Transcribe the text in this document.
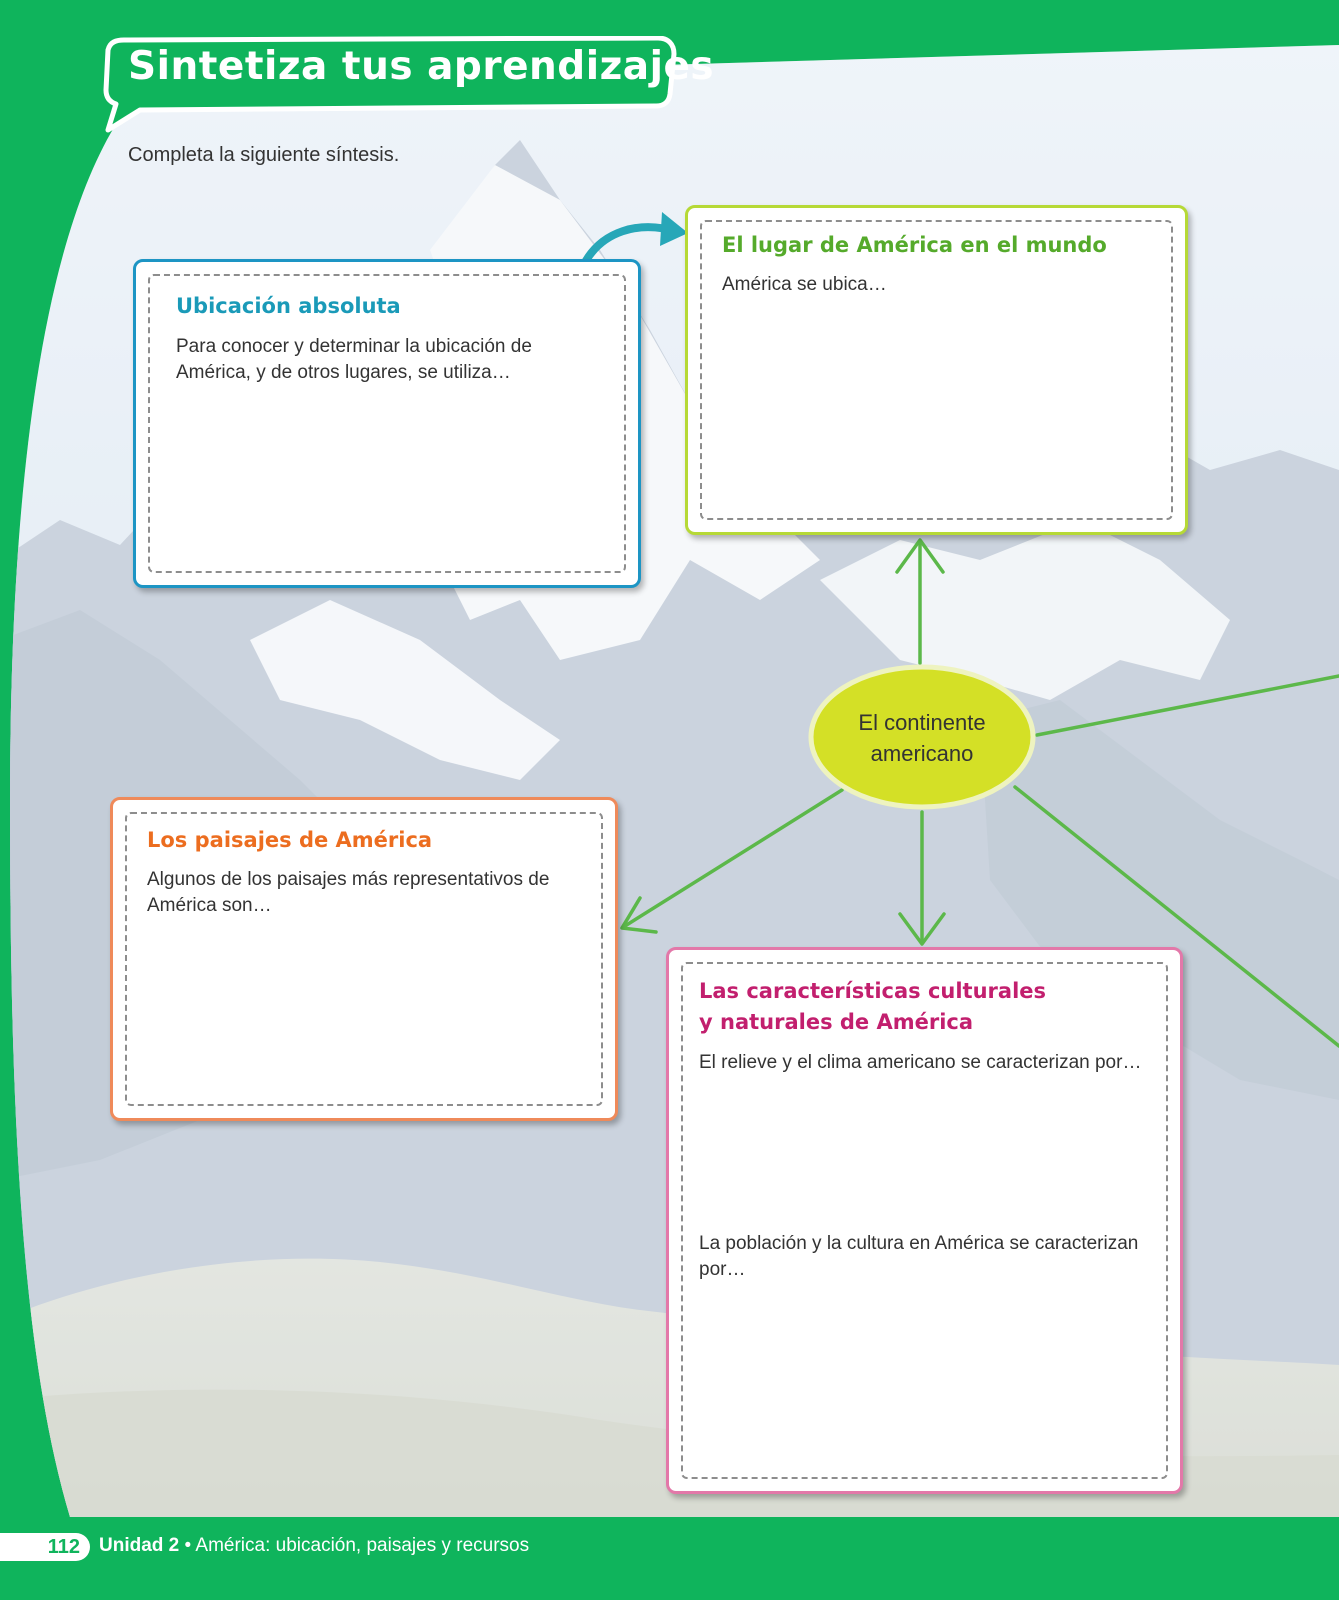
Sintetiza tus aprendizajes
Completa la siguiente síntesis.
Ubicación absoluta
Para conocer y determinar la ubicación de América, y de otros lugares, se utiliza…
El lugar de América en el mundo
América se ubica…
Los paisajes de América
Algunos de los paisajes más representativos de América son…
Las características culturales
y naturales de América
El relieve y el clima americano se caracterizan por…
La población y la cultura en América se caracterizan por…
El continente
americano
112	Unidad 2 • América: ubicación, paisajes y recursos
